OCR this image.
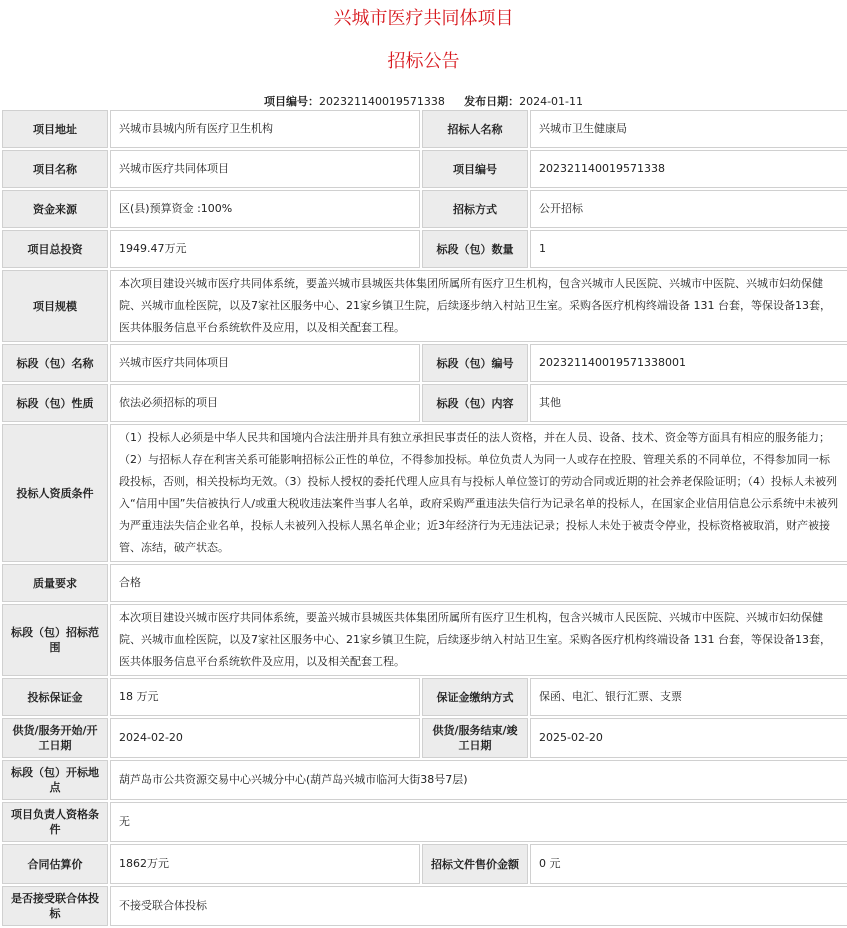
兴城市医疗共同体项目
招标公告
项目编号：202321140019571338 发布日期：2024-01-11
项目地址	兴城市县城内所有医疗卫生机构	招标人名称	兴城市卫生健康局
项目名称	兴城市医疗共同体项目	项目编号	202321140019571338
资金来源	区(县)预算资金 :100%	招标方式	公开招标
项目总投资	1949.47万元	标段（包）数量	1
项目规模	本次项目建设兴城市医疗共同体系统，要盖兴城市县城医共体集团所属所有医疗卫生机构，包含兴城市人民医院、兴城市中医院、兴城市妇幼保健院、兴城市血栓医院，以及7家社区服务中心、21家乡镇卫生院，后续逐步纳入村站卫生室。采购各医疗机构终端设备 131 台套，等保设备13套，医共体服务信息平台系统软件及应用，以及相关配套工程。		
标段（包）名称	兴城市医疗共同体项目	标段（包）编号	202321140019571338001
标段（包）性质	依法必须招标的项目	标段（包）内容	其他
投标人资质条件	（1）投标人必须是中华人民共和国境内合法注册并具有独立承担民事责任的法人资格，并在人员、设备、技术、资金等方面具有相应的服务能力；（2）与招标人存在利害关系可能影响招标公正性的单位，不得参加投标。单位负责人为同一人或存在控股、管理关系的不同单位，不得参加同一标段投标，否则，相关投标均无效。（3）投标人授权的委托代理人应具有与投标人单位签订的劳动合同或近期的社会养老保险证明；（4）投标人未被列入“信用中国”失信被执行人/或重大税收违法案件当事人名单，政府采购严重违法失信行为记录名单的投标人，在国家企业信用信息公示系统中未被列为严重违法失信企业名单，投标人未被列入投标人黑名单企业；近3年经济行为无违法记录；投标人未处于被责令停业，投标资格被取消，财产被接管、冻结，破产状态。		
质量要求	合格		
标段（包）招标范围	本次项目建设兴城市医疗共同体系统，要盖兴城市县城医共体集团所属所有医疗卫生机构，包含兴城市人民医院、兴城市中医院、兴城市妇幼保健院、兴城市血栓医院，以及7家社区服务中心、21家乡镇卫生院，后续逐步纳入村站卫生室。采购各医疗机构终端设备 131 台套，等保设备13套，医共体服务信息平台系统软件及应用，以及相关配套工程。		
投标保证金	18 万元	保证金缴纳方式	保函、电汇、银行汇票、支票
供货/服务开始/开工日期	2024-02-20	供货/服务结束/竣工日期	2025-02-20
标段（包）开标地点	葫芦岛市公共资源交易中心兴城分中心(葫芦岛兴城市临河大街38号7层)		
项目负责人资格条件	无		
合同估算价	1862万元	招标文件售价金额	0 元
是否接受联合体投标	不接受联合体投标		
